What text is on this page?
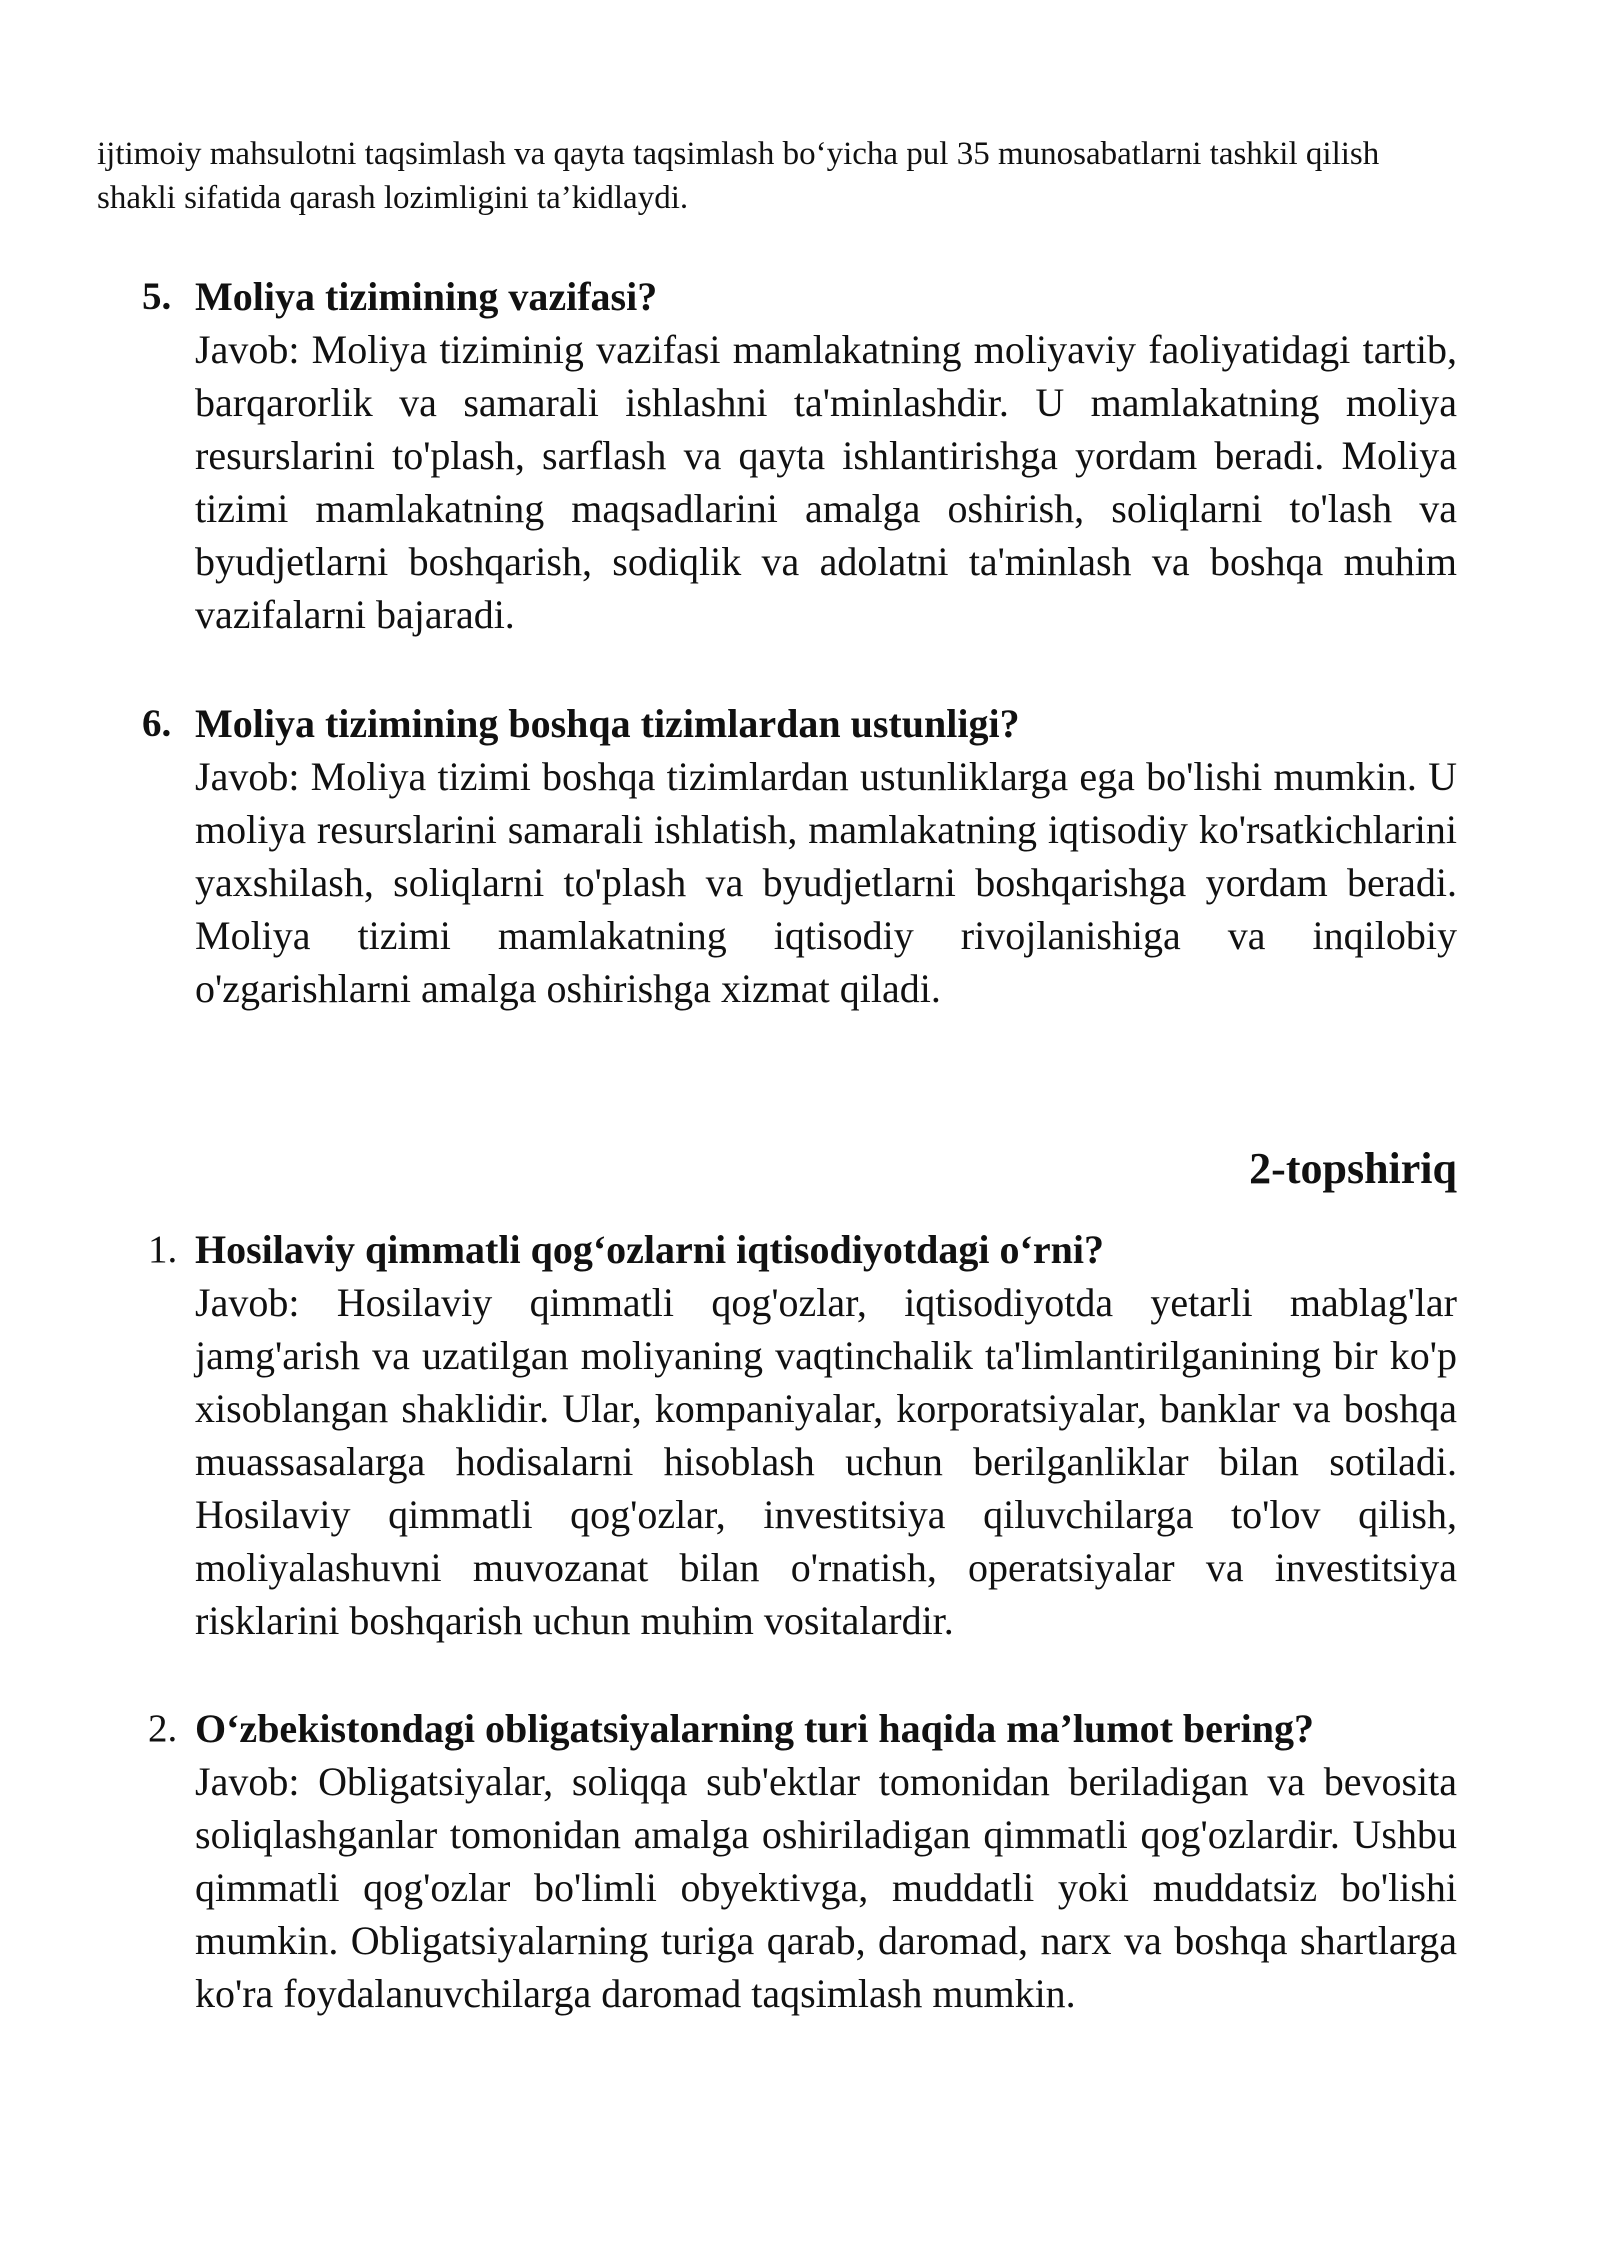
ijtimoiy mahsulotni taqsimlash va qayta taqsimlash bo‘yicha pul 35 munosabatlarni tashkil qilish shakli sifatida qarash lozimligini ta’kidlaydi.

5. Moliya tizimining vazifasi?

Javob: Moliya tiziminig vazifasi mamlakatning moliyaviy faoliyatidagi tartib, barqarorlik va samarali ishlashni ta'minlashdir. U mamlakatning moliya resurslarini to'plash, sarflash va qayta ishlantirishga yordam beradi. Moliya tizimi mamlakatning maqsadlarini amalga oshirish, soliqlarni to'lash va byudjetlarni boshqarish, sodiqlik va adolatni ta'minlash va boshqa muhim vazifalarni bajaradi.

6. Moliya tizimining boshqa tizimlardan ustunligi?

Javob: Moliya tizimi boshqa tizimlardan ustunliklarga ega bo'lishi mumkin. U moliya resurslarini samarali ishlatish, mamlakatning iqtisodiy ko'rsatkichlarini yaxshilash, soliqlarni to'plash va byudjetlarni boshqarishga yordam beradi. Moliya tizimi mamlakatning iqtisodiy rivojlanishiga va inqilobiy o'zgarishlarni amalga oshirishga xizmat qiladi.

2-topshiriq
1. Hosilaviy qimmatli qog‘ozlarni iqtisodiyotdagi o‘rni?

Javob: Hosilaviy qimmatli qog'ozlar, iqtisodiyotda yetarli mablag'lar jamg'arish va uzatilgan moliyaning vaqtinchalik ta'limlantirilganining bir ko'p xisoblangan shaklidir. Ular, kompaniyalar, korporatsiyalar, banklar va boshqa muassasalarga hodisalarni hisoblash uchun berilganliklar bilan sotiladi. Hosilaviy qimmatli qog'ozlar, investitsiya qiluvchilarga to'lov qilish, moliyalashuvni muvozanat bilan o'rnatish, operatsiyalar va investitsiya risklarini boshqarish uchun muhim vositalardir.

2. O‘zbekistondagi obligatsiyalarning turi haqida ma’lumot bering?

Javob: Obligatsiyalar, soliqqa sub'ektlar tomonidan beriladigan va bevosita soliqlashganlar tomonidan amalga oshiriladigan qimmatli qog'ozlardir. Ushbu qimmatli qog'ozlar bo'limli obyektivga, muddatli yoki muddatsiz bo'lishi mumkin. Obligatsiyalarning turiga qarab, daromad, narx va boshqa shartlarga ko'ra foydalanuvchilarga daromad taqsimlash mumkin.
